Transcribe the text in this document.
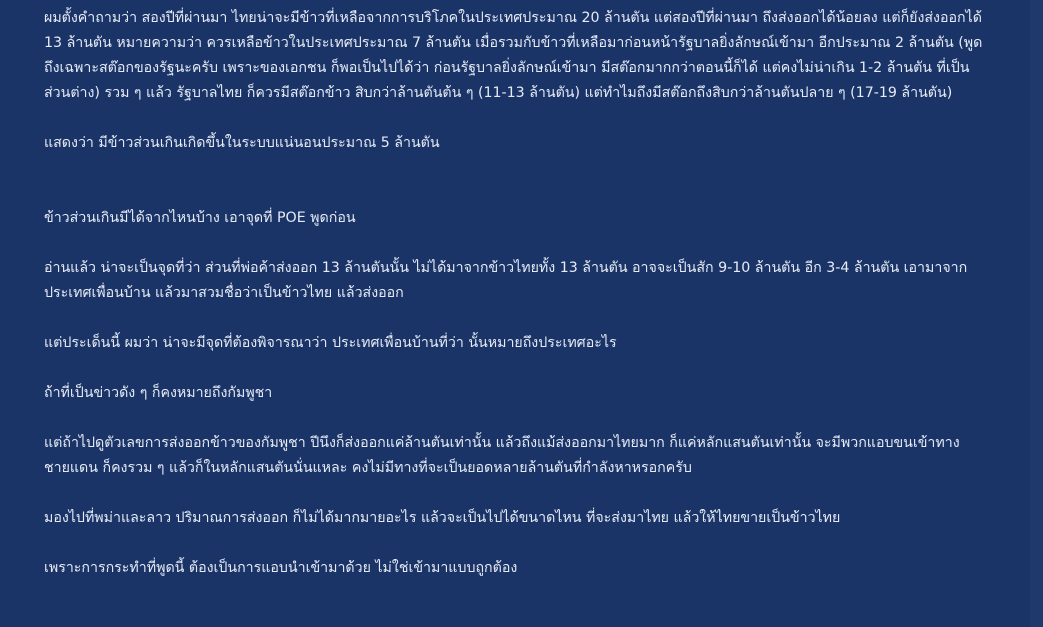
ผมตั้งคำถามว่า สองปีที่ผ่านมา ไทยน่าจะมีข้าวที่เหลือจากการบริโภคในประเทศประมาณ 20 ล้านตัน แต่สองปีที่ผ่านมา ถึงส่งออกได้น้อยลง แต่ก็ยังส่งออกได้ 13 ล้านตัน หมายความว่า ควรเหลือข้าวในประเทศประมาณ 7 ล้านตัน เมื่อรวมกับข้าวที่เหลือมาก่อนหน้ารัฐบาลยิ่งลักษณ์เข้ามา อีกประมาณ 2 ล้านตัน (พูดถึงเฉพาะสต๊อกของรัฐนะครับ เพราะของเอกชน ก็พอเป็นไปได้ว่า ก่อนรัฐบาลยิ่งลักษณ์เข้ามา มีสต๊อกมากกว่าตอนนี้ก็ได้ แต่คงไม่น่าเกิน 1-2 ล้านตัน ที่เป็นส่วนต่าง) รวม ๆ แล้ว รัฐบาลไทย ก็ควรมีสต๊อกข้าว สิบกว่าล้านตันต้น ๆ (11-13 ล้านตัน) แต่ทำไมถึงมีสต๊อกถึงสิบกว่าล้านตันปลาย ๆ (17-19 ล้านตัน)

แสดงว่า มีข้าวส่วนเกินเกิดขึ้นในระบบแน่นอนประมาณ 5 ล้านตัน

ข้าวส่วนเกินมีได้จากไหนบ้าง เอาจุดที่ POE พูดก่อน

อ่านแล้ว น่าจะเป็นจุดที่ว่า ส่วนที่พ่อค้าส่งออก 13 ล้านตันนั้น ไม่ได้มาจากข้าวไทยทั้ง 13 ล้านตัน อาจจะเป็นสัก 9-10 ล้านตัน อีก 3-4 ล้านตัน เอามาจากประเทศเพื่อนบ้าน แล้วมาสวมชื่อว่าเป็นข้าวไทย แล้วส่งออก

แต่ประเด็นนี้ ผมว่า น่าจะมีจุดที่ต้องพิจารณาว่า ประเทศเพื่อนบ้านที่ว่า นั้นหมายถึงประเทศอะไร

ถ้าที่เป็นข่าวดัง ๆ ก็คงหมายถึงกัมพูชา

แต่ถ้าไปดูตัวเลขการส่งออกข้าวของกัมพูชา ปีนึงก็ส่งออกแค่ล้านตันเท่านั้น แล้วถึงแม้ส่งออกมาไทยมาก ก็แค่หลักแสนตันเท่านั้น จะมีพวกแอบขนเข้าทางชายแดน ก็คงรวม ๆ แล้วก็ในหลักแสนตันนั่นแหละ คงไม่มีทางที่จะเป็นยอดหลายล้านตันที่กำลังหาหรอกครับ

มองไปที่พม่าและลาว ปริมาณการส่งออก ก็ไม่ได้มากมายอะไร แล้วจะเป็นไปได้ขนาดไหน ที่จะส่งมาไทย แล้วให้ไทยขายเป็นข้าวไทย

เพราะการกระทำที่พูดนี้ ต้องเป็นการแอบนำเข้ามาด้วย ไม่ใช่เข้ามาแบบถูกต้อง
